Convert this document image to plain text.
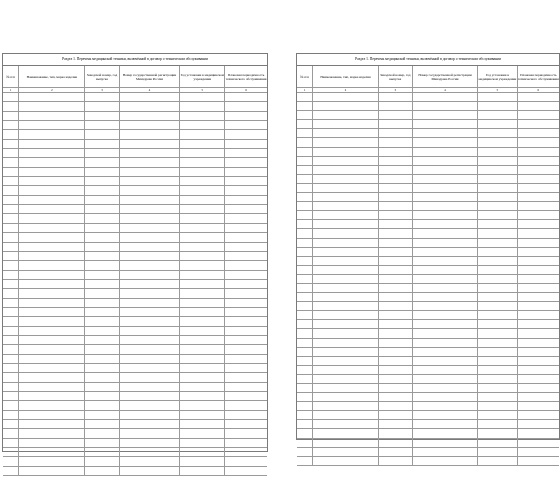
Раздел 1. Перечень медицинской техники, включённой в договор о техническом обслуживании
№ п/п	Наименование, тип, марка изделия	Заводской номер, год выпуска	Номер государственной регистрации Минздрава России	Год установки в медицинском учреждении	Плановая периодичность технического обслуживания
1	2	3	4	5	6

Раздел 1. Перечень медицинской техники, включённой в договор о техническом обслуживании
№ п/п	Наименование, тип, марка изделия	Заводской номер, год выпуска	Номер государственной регистрации Минздрава России	Год установки в медицинском учреждении	Плановая периодичность технического обслуживания
1	2	3	4	5	6
